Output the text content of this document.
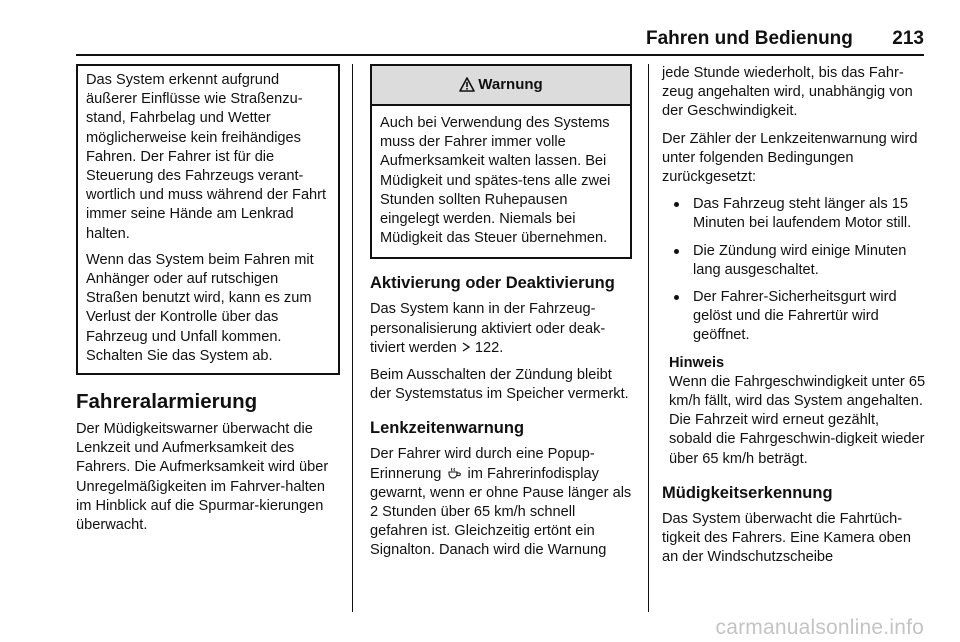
Fahren und Bedienung 213

Das System erkennt aufgrund äußerer Einflüsse wie Straßenzu-stand, Fahrbelag und Wetter möglicherweise kein freihändiges Fahren. Der Fahrer ist für die Steuerung des Fahrzeugs verant-wortlich und muss während der Fahrt immer seine Hände am Lenkrad halten.

Wenn das System beim Fahren mit Anhänger oder auf rutschigen Straßen benutzt wird, kann es zum Verlust der Kontrolle über das Fahrzeug und Unfall kommen. Schalten Sie das System ab.

Fahreralarmierung

Der Müdigkeitswarner überwacht die Lenkzeit und Aufmerksamkeit des Fahrers. Die Aufmerksamkeit wird über Unregelmäßigkeiten im Fahrver-halten im Hinblick auf die Spurmar-kierungen überwacht.

Warnung

Auch bei Verwendung des Systems muss der Fahrer immer volle Aufmerksamkeit walten lassen. Bei Müdigkeit und spätes-tens alle zwei Stunden sollten Ruhepausen eingelegt werden. Niemals bei Müdigkeit das Steuer übernehmen.

Aktivierung oder Deaktivierung

Das System kann in der Fahrzeug-personalisierung aktiviert oder deak-tiviert werden 122.

Beim Ausschalten der Zündung bleibt der Systemstatus im Speicher vermerkt.

Lenkzeitenwarnung

Der Fahrer wird durch eine Popup-Erinnerung im Fahrerinfodisplay gewarnt, wenn er ohne Pause länger als 2 Stunden über 65 km/h schnell gefahren ist. Gleichzeitig ertönt ein Signalton. Danach wird die Warnung

jede Stunde wiederholt, bis das Fahr-zeug angehalten wird, unabhängig von der Geschwindigkeit.

Der Zähler der Lenkzeitenwarnung wird unter folgenden Bedingungen zurückgesetzt:

Das Fahrzeug steht länger als 15 Minuten bei laufendem Motor still.
Die Zündung wird einige Minuten lang ausgeschaltet.
Der Fahrer-Sicherheitsgurt wird gelöst und die Fahrertür wird geöffnet.
Hinweis

Wenn die Fahrgeschwindigkeit unter 65 km/h fällt, wird das System angehalten. Die Fahrzeit wird erneut gezählt, sobald die Fahrgeschwin-digkeit wieder über 65 km/h beträgt.

Müdigkeitserkennung

Das System überwacht die Fahrtüch-tigkeit des Fahrers. Eine Kamera oben an der Windschutzscheibe

carmanualsonline.info
